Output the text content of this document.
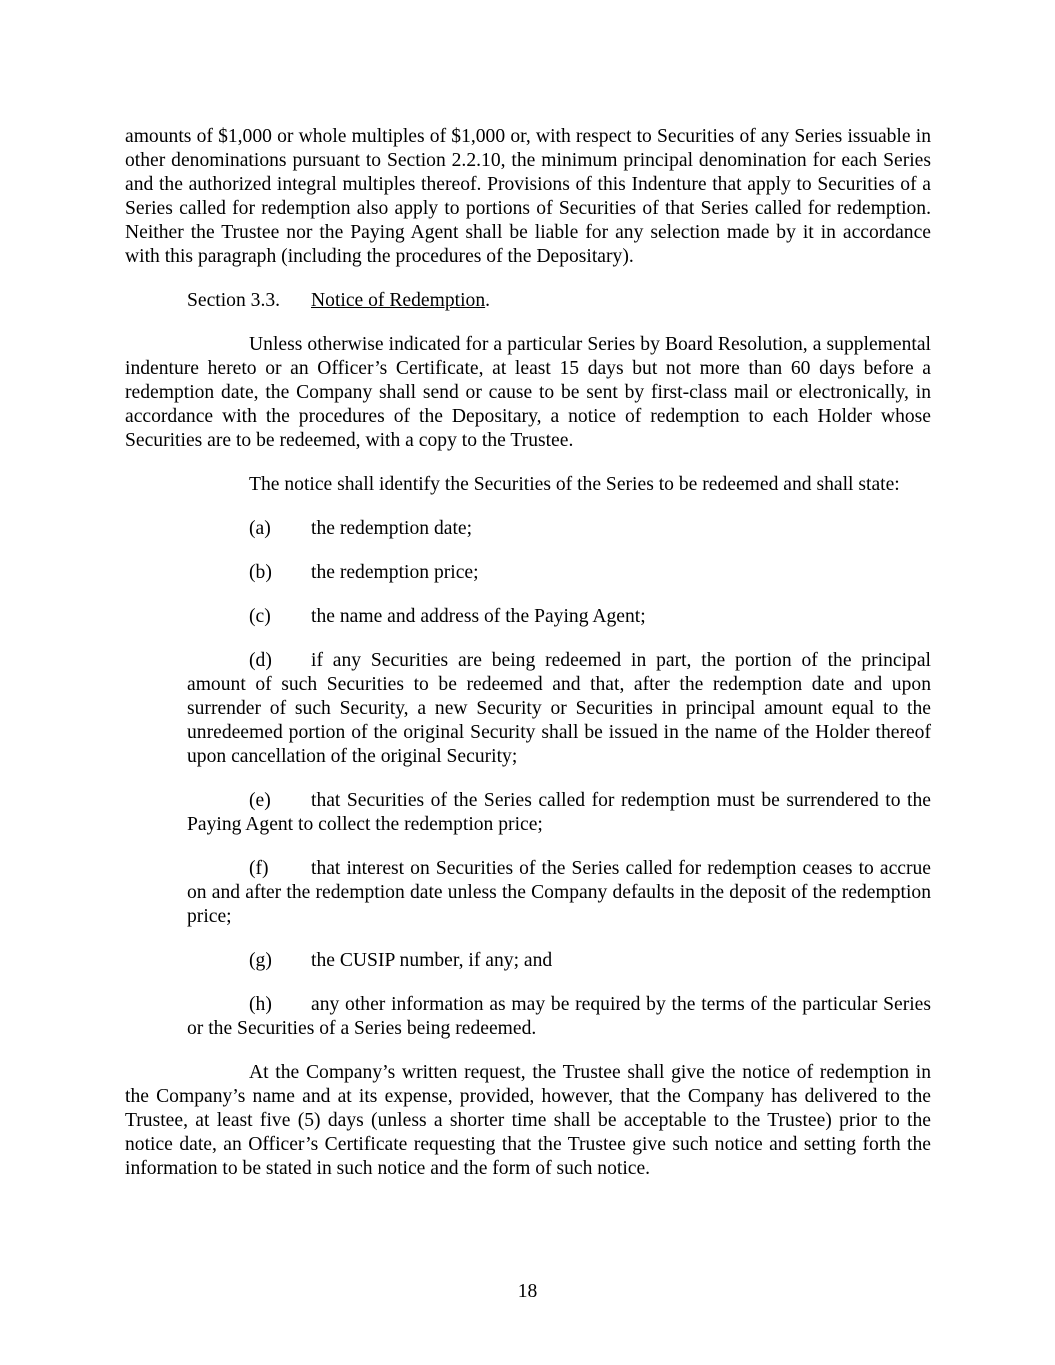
amounts of $1,000 or whole multiples of $1,000 or, with respect to Securities of any Series issuable in other denominations pursuant to Section 2.2.10, the minimum principal denomination for each Series and the authorized integral multiples thereof. Provisions of this Indenture that apply to Securities of a Series called for redemption also apply to portions of Securities of that Series called for redemption. Neither the Trustee nor the Paying Agent shall be liable for any selection made by it in accordance with this paragraph (including the procedures of the Depositary).

Section 3.3. Notice of Redemption.

Unless otherwise indicated for a particular Series by Board Resolution, a supplemental indenture hereto or an Officer’s Certificate, at least 15 days but not more than 60 days before a redemption date, the Company shall send or cause to be sent by first-class mail or electronically, in accordance with the procedures of the Depositary, a notice of redemption to each Holder whose Securities are to be redeemed, with a copy to the Trustee.

The notice shall identify the Securities of the Series to be redeemed and shall state:

(a) the redemption date;

(b) the redemption price;

(c) the name and address of the Paying Agent;

(d) if any Securities are being redeemed in part, the portion of the principal amount of such Securities to be redeemed and that, after the redemption date and upon surrender of such Security, a new Security or Securities in principal amount equal to the unredeemed portion of the original Security shall be issued in the name of the Holder thereof upon cancellation of the original Security;

(e) that Securities of the Series called for redemption must be surrendered to the Paying Agent to collect the redemption price;

(f) that interest on Securities of the Series called for redemption ceases to accrue on and after the redemption date unless the Company defaults in the deposit of the redemption price;

(g) the CUSIP number, if any; and

(h) any other information as may be required by the terms of the particular Series or the Securities of a Series being redeemed.

At the Company’s written request, the Trustee shall give the notice of redemption in the Company’s name and at its expense, provided, however, that the Company has delivered to the Trustee, at least five (5) days (unless a shorter time shall be acceptable to the Trustee) prior to the notice date, an Officer’s Certificate requesting that the Trustee give such notice and setting forth the information to be stated in such notice and the form of such notice.

18
